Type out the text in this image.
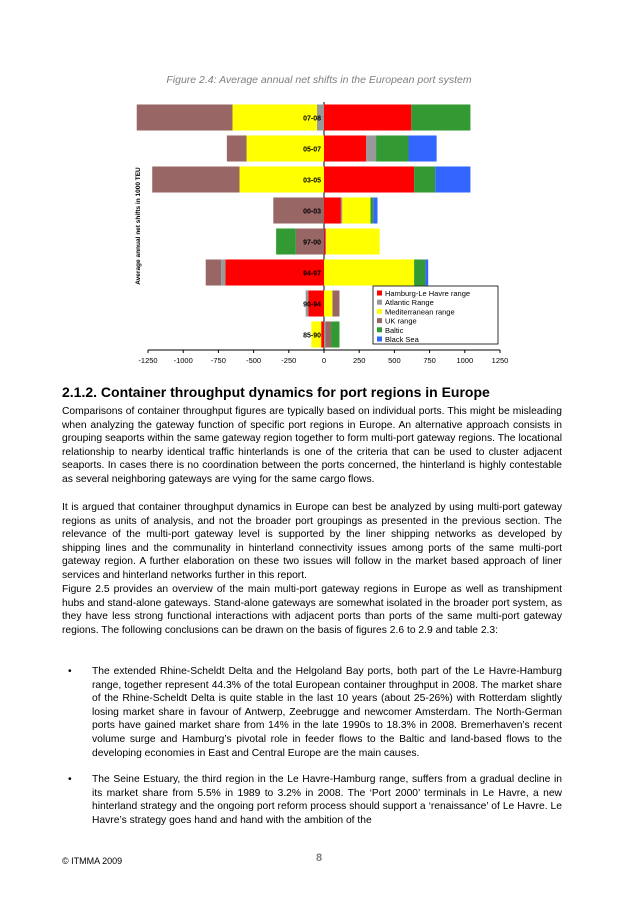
Figure 2.4: Average annual net shifts in the European port system
-1250 -1000 -750	-500	-250	0	250	500	750	1000 1250
Average annual net shifts in 1000 TEU
07-08
05-07
03-05
00-03
97-00
94-97
90-94
85-90
Hamburg-Le Havre range
Atlantic Range
Mediterranean range
UK range
Baltic
Black Sea
2.1.2. Container throughput dynamics for port regions in Europe

Comparisons of container throughput figures are typically based on individual ports. This might be misleading when analyzing the gateway function of specific port regions in Europe. An alternative approach consists in grouping seaports within the same gateway region together to form multi-port gateway regions. The locational relationship to nearby identical traffic hinterlands is one of the criteria that can be used to cluster adjacent seaports. In cases there is no coordination between the ports concerned, the hinterland is highly contestable as several neighboring gateways are vying for the same cargo flows.

It is argued that container throughput dynamics in Europe can best be analyzed by using multi-port gateway regions as units of analysis, and not the broader port groupings as presented in the previous section. The relevance of the multi-port gateway level is supported by the liner shipping networks as developed by shipping lines and the communality in hinterland connectivity issues among ports of the same multi-port gateway region. A further elaboration on these two issues will follow in the market based approach of liner services and hinterland networks further in this report.

Figure 2.5 provides an overview of the main multi-port gateway regions in Europe as well as transhipment hubs and stand-alone gateways. Stand-alone gateways are somewhat isolated in the broader port system, as they have less strong functional interactions with adjacent ports than ports of the same multi-port gateway regions. The following conclusions can be drawn on the basis of figures 2.6 to 2.9 and table 2.3:

• The extended Rhine-Scheldt Delta and the Helgoland Bay ports, both part of the Le Havre-Hamburg range, together represent 44.3% of the total European container throughput in 2008. The market share of the Rhine-Scheldt Delta is quite stable in the last 10 years (about 25-26%) with Rotterdam slightly losing market share in favour of Antwerp, Zeebrugge and newcomer Amsterdam. The North-German ports have gained market share from 14% in the late 1990s to 18.3% in 2008. Bremerhaven’s recent volume surge and Hamburg’s pivotal role in feeder flows to the Baltic and land-based flows to the developing economies in East and Central Europe are the main causes.
• The Seine Estuary, the third region in the Le Havre-Hamburg range, suffers from a gradual decline in its market share from 5.5% in 1989 to 3.2% in 2008. The ‘Port 2000’ terminals in Le Havre, a new hinterland strategy and the ongoing port reform process should support a ‘renaissance’ of Le Havre. Le Havre’s strategy goes hand and hand with the ambition of the
© ITMMA 2009	8
